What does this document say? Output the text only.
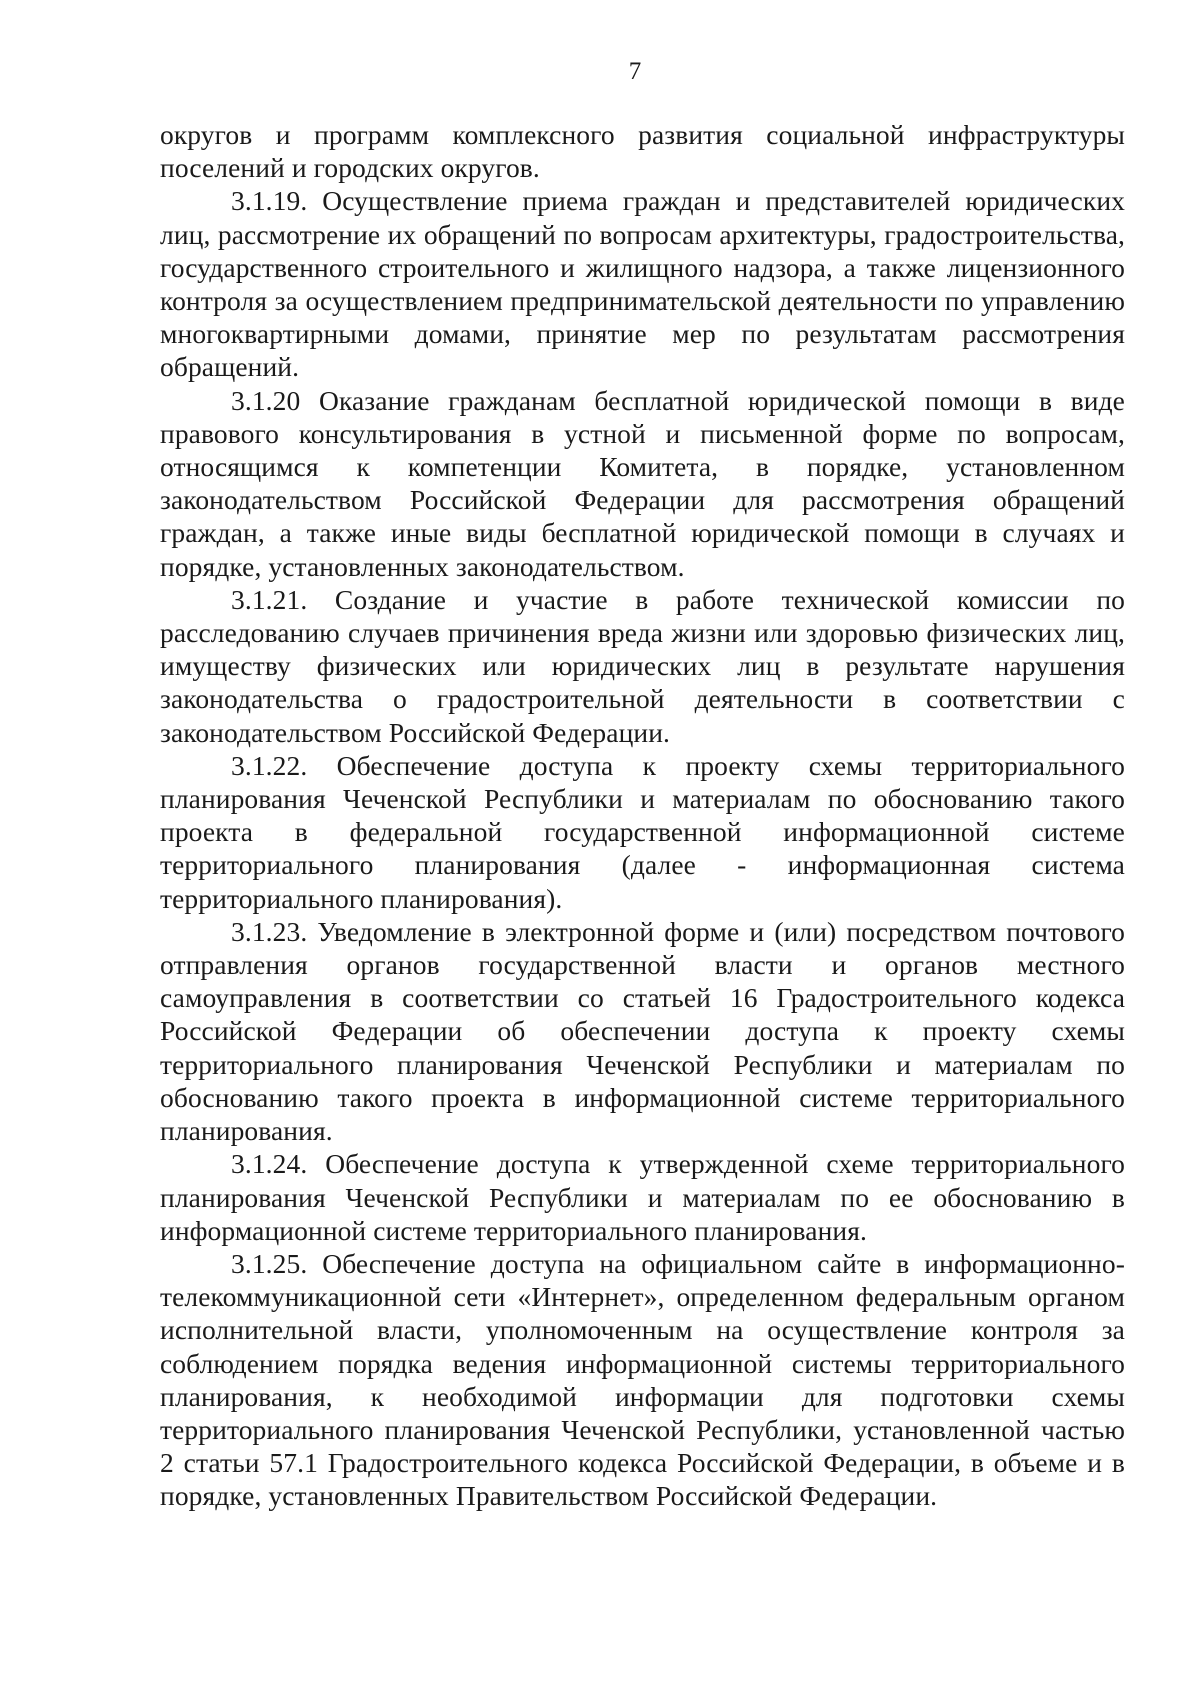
7

округов и программ комплексного развития социальной инфраструктуры поселений и городских округов.

3.1.19. Осуществление приема граждан и представителей юридических лиц, рассмотрение их обращений по вопросам архитектуры, градостроительства, государственного строительного и жилищного надзора, а также лицензионного контроля за осуществлением предпринимательской деятельности по управлению многоквартирными домами, принятие мер по результатам рассмотрения обращений.

3.1.20 Оказание гражданам бесплатной юридической помощи в виде правового консультирования в устной и письменной форме по вопросам, относящимся к компетенции Комитета, в порядке, установленном законодательством Российской Федерации для рассмотрения обращений граждан, а также иные виды бесплатной юридической помощи в случаях и порядке, установленных законодательством.

3.1.21. Создание и участие в работе технической комиссии по расследованию случаев причинения вреда жизни или здоровью физических лиц, имуществу физических или юридических лиц в результате нарушения законодательства о градостроительной деятельности в соответствии с законодательством Российской Федерации.

3.1.22. Обеспечение доступа к проекту схемы территориального планирования Чеченской Республики и материалам по обоснованию такого проекта в федеральной государственной информационной системе территориального планирования (далее - информационная система территориального планирования).

3.1.23. Уведомление в электронной форме и (или) посредством почтового отправления органов государственной власти и органов местного самоуправления в соответствии со статьей 16 Градостроительного кодекса Российской Федерации об обеспечении доступа к проекту схемы территориального планирования Чеченской Республики и материалам по обоснованию такого проекта в информационной системе территориального планирования.

3.1.24. Обеспечение доступа к утвержденной схеме территориального планирования Чеченской Республики и материалам по ее обоснованию в информационной системе территориального планирования.

3.1.25. Обеспечение доступа на официальном сайте в информационно-телекоммуникационной сети «Интернет», определенном федеральным органом исполнительной власти, уполномоченным на осуществление контроля за соблюдением порядка ведения информационной системы территориального планирования, к необходимой информации для подготовки схемы территориального планирования Чеченской Республики, установленной частью 2 статьи 57.1 Градостроительного кодекса Российской Федерации, в объеме и в порядке, установленных Правительством Российской Федерации.
